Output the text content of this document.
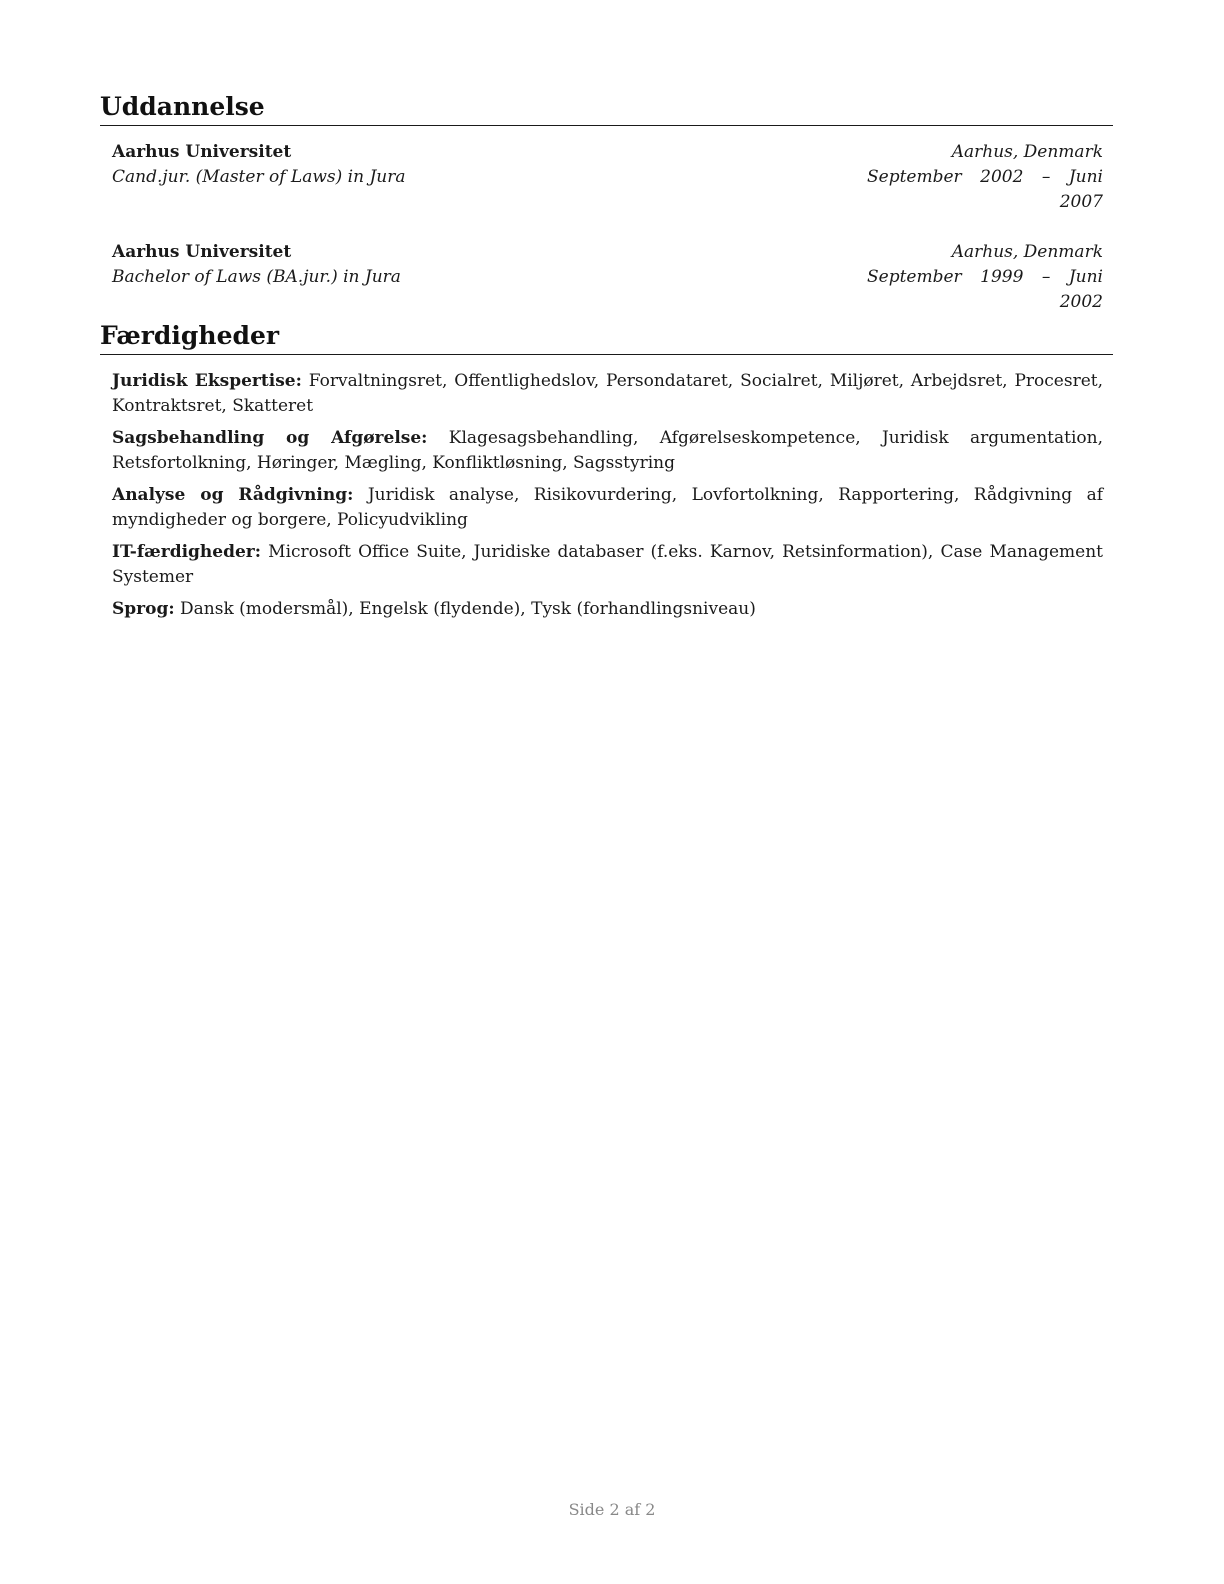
Uddannelse
Aarhus Universitet
Cand.jur. (Master of Laws) in Jura
Aarhus, Denmark
September 2002 – Juni 2007
Aarhus Universitet
Bachelor of Laws (BA.jur.) in Jura
Aarhus, Denmark
September 1999 – Juni 2002
Færdigheder
Juridisk Ekspertise: Forvaltningsret, Offentlighedslov, Persondataret, Socialret, Miljøret, Arbejdsret, Procesret, Kontraktsret, Skatteret
Sagsbehandling og Afgørelse: Klagesagsbehandling, Afgørelseskompetence, Juridisk argumentation, Retsfortolkning, Høringer, Mægling, Konfliktløsning, Sagsstyring
Analyse og Rådgivning: Juridisk analyse, Risikovurdering, Lovfortolkning, Rapportering, Rådgivning af myndigheder og borgere, Policyudvikling
IT-færdigheder: Microsoft Office Suite, Juridiske databaser (f.eks. Karnov, Retsinformation), Case Management Systemer
Sprog: Dansk (modersmål), Engelsk (flydende), Tysk (forhandlingsniveau)
Side 2 af 2
